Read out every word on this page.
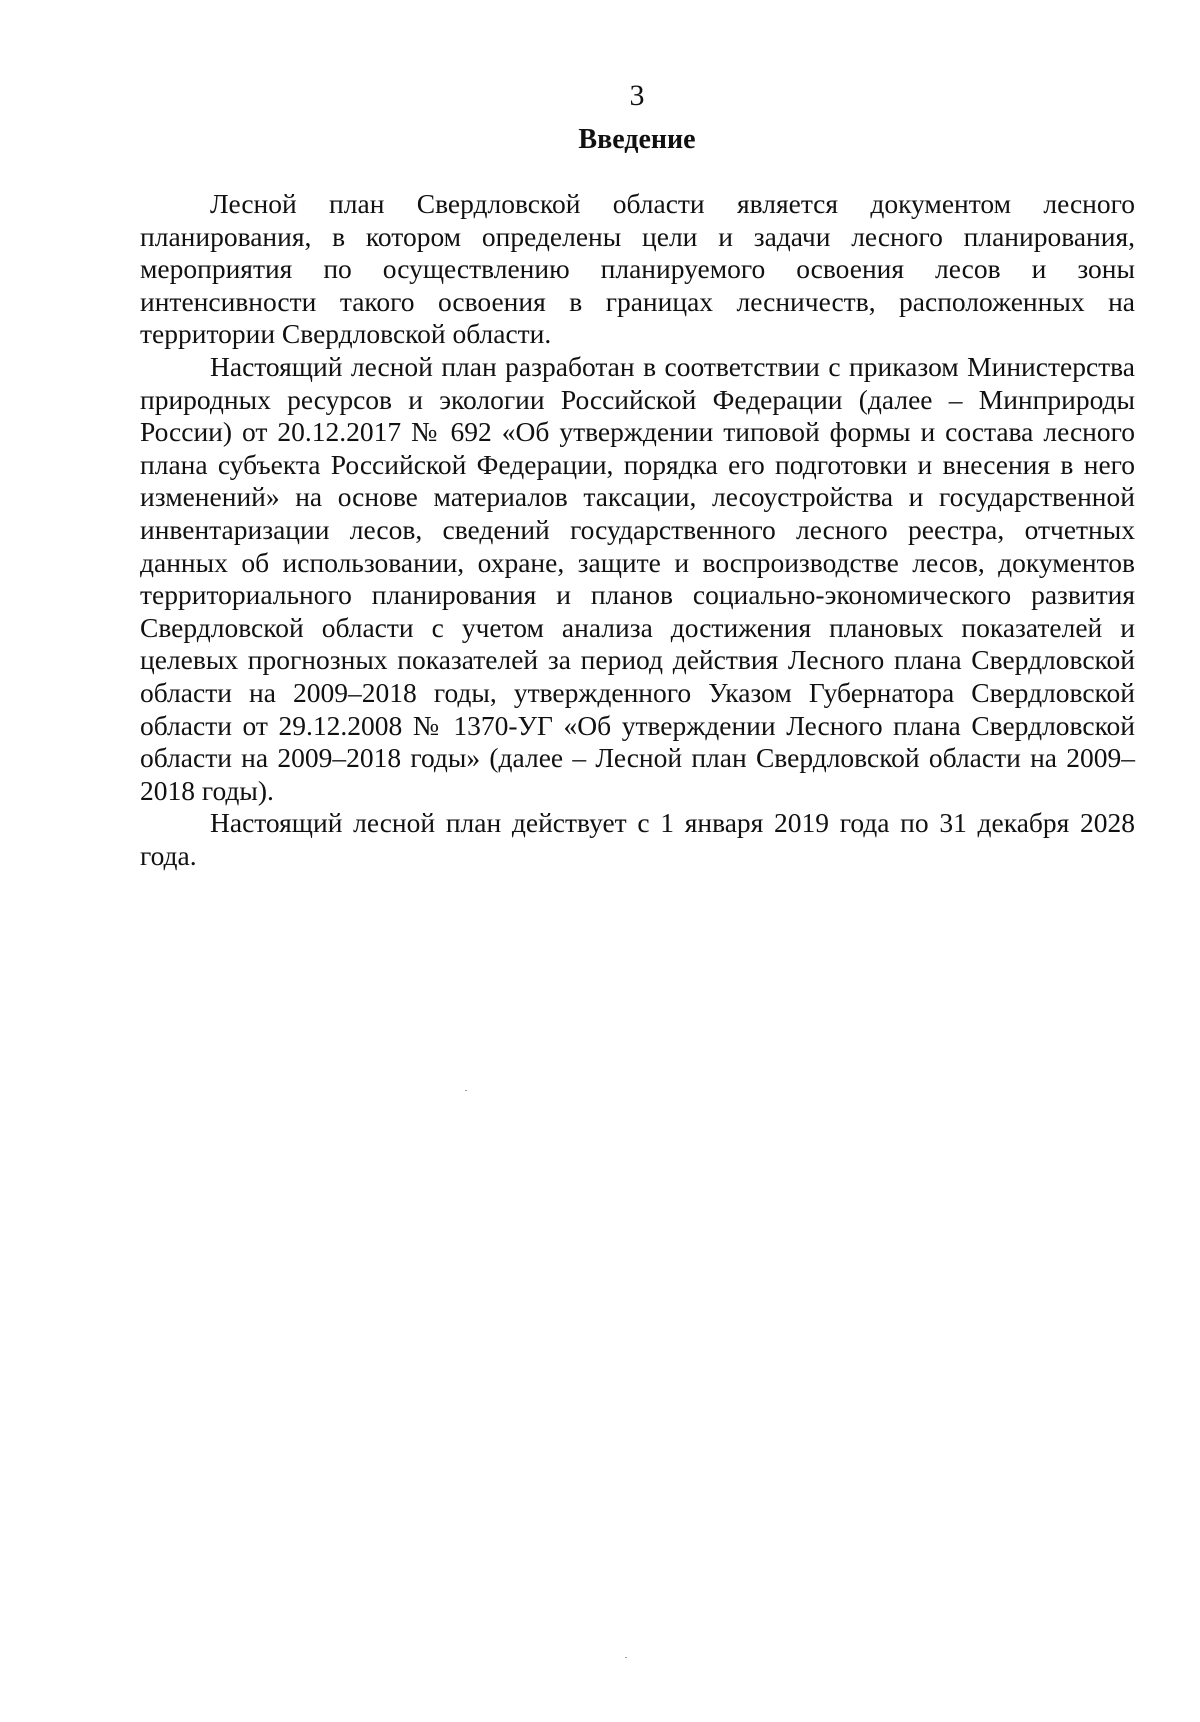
3
Введение

Лесной план Свердловской области является документом лесного планирования, в котором определены цели и задачи лесного планирования, мероприятия по осуществлению планируемого освоения лесов и зоны интенсивности такого освоения в границах лесничеств, расположенных на территории Свердловской области.

Настоящий лесной план разработан в соответствии с приказом Министерства природных ресурсов и экологии Российской Федерации (далее – Минприроды России) от 20.12.2017 № 692 «Об утверждении типовой формы и состава лесного плана субъекта Российской Федерации, порядка его подготовки и внесения в него изменений» на основе материалов таксации, лесоустройства и государственной инвентаризации лесов, сведений государственного лесного реестра, отчетных данных об использовании, охране, защите и воспроизводстве лесов, документов территориального планирования и планов социально-экономического развития Свердловской области с учетом анализа достижения плановых показателей и целевых прогнозных показателей за период действия Лесного плана Свердловской области на 2009–2018 годы, утвержденного Указом Губернатора Свердловской области от 29.12.2008 № 1370-УГ «Об утверждении Лесного плана Свердловской области на 2009–2018 годы» (далее – Лесной план Свердловской области на 2009–2018 годы).

Настоящий лесной план действует с 1 января 2019 года по 31 декабря 2028 года.
